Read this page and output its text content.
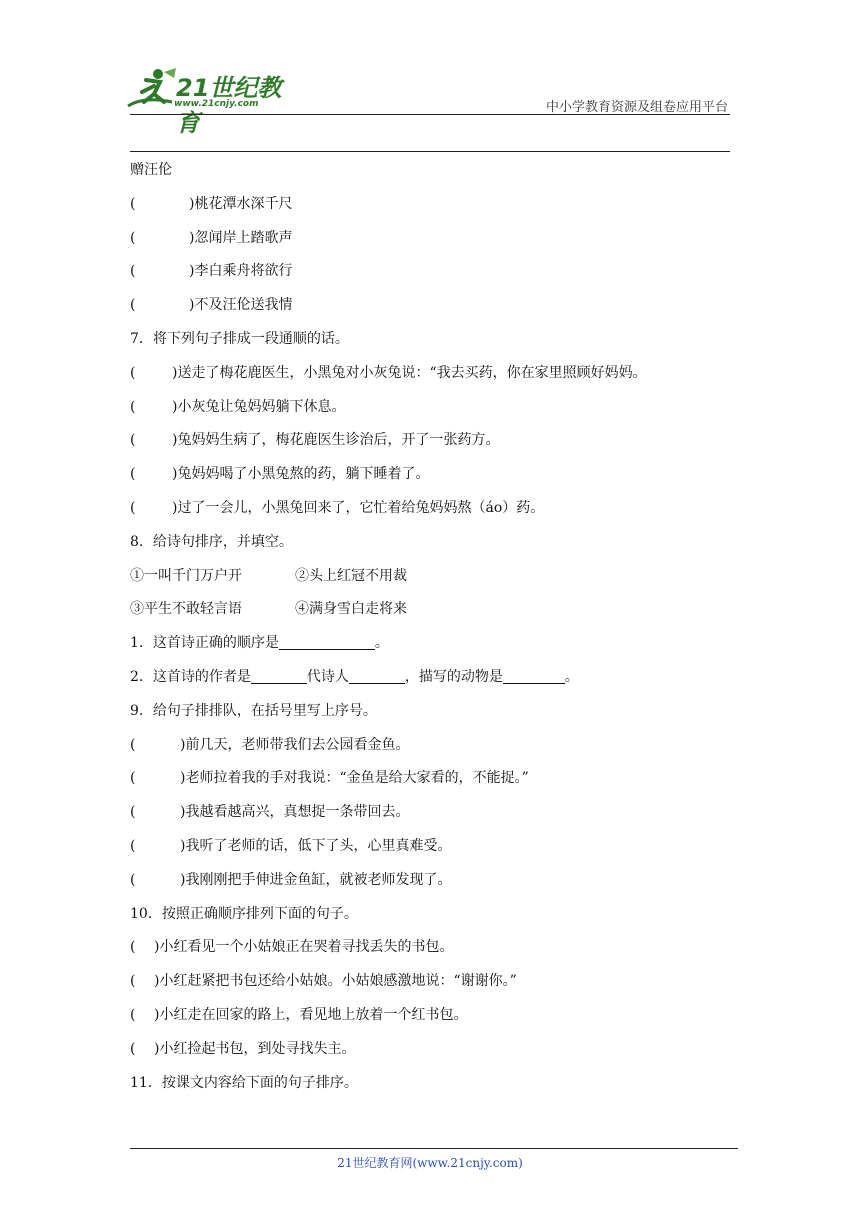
21世纪教育
www.21cnjy.com	中小学教育资源及组卷应用平台
赠汪伦
(	)桃花潭水深千尺
(	)忽闻岸上踏歌声
(	)李白乘舟将欲行
(	)不及汪伦送我情
7．将下列句子排成一段通顺的话。
(	)送走了梅花鹿医生，小黑兔对小灰兔说：“我去买药，你在家里照顾好妈妈。
(	)小灰兔让兔妈妈躺下休息。
(	)兔妈妈生病了，梅花鹿医生诊治后，开了一张药方。
(	)兔妈妈喝了小黑兔熬的药，躺下睡着了。
(	)过了一会儿，小黑兔回来了，它忙着给兔妈妈熬（áo）药。
8．给诗句排序，并填空。
①一叫千门万户开	②头上红冠不用裁
③平生不敢轻言语	④满身雪白走将来
1．这首诗正确的顺序是	。
2．这首诗的作者是	代诗人	，描写的动物是	。
9．给句子排排队，在括号里写上序号。
(	)前几天，老师带我们去公园看金鱼。
(	)老师拉着我的手对我说：“金鱼是给大家看的，不能捉。”
(	)我越看越高兴，真想捉一条带回去。
(	)我听了老师的话，低下了头，心里真难受。
(	)我刚刚把手伸进金鱼缸，就被老师发现了。
10．按照正确顺序排列下面的句子。
( )小红看见一个小姑娘正在哭着寻找丢失的书包。
( )小红赶紧把书包还给小姑娘。小姑娘感激地说：“谢谢你。”
( )小红走在回家的路上，看见地上放着一个红书包。
( )小红捡起书包，到处寻找失主。
11．按课文内容给下面的句子排序。
21世纪教育网(www.21cnjy.com)
